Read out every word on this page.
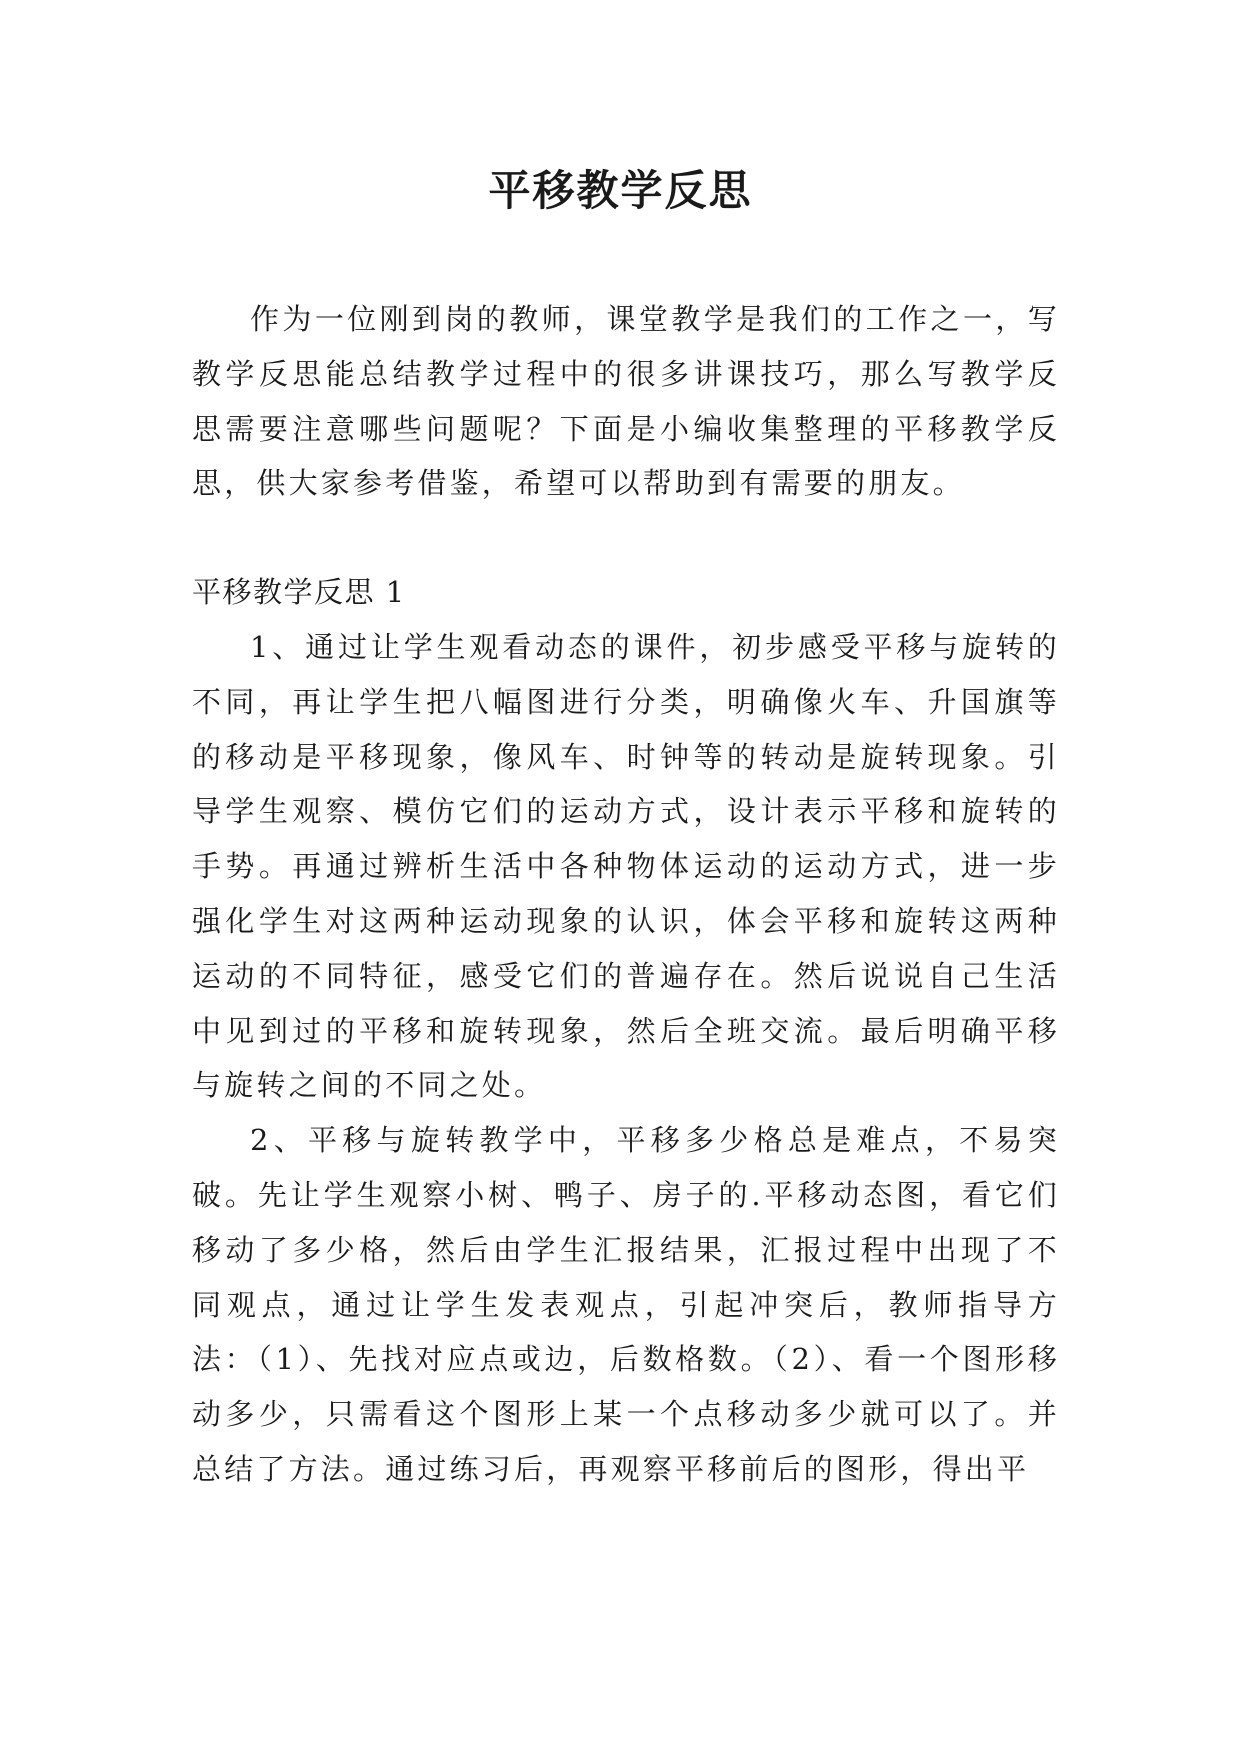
平移教学反思

作为一位刚到岗的教师，课堂教学是我们的工作之一，写教学反思能总结教学过程中的很多讲课技巧，那么写教学反思需要注意哪些问题呢？下面是小编收集整理的平移教学反思，供大家参考借鉴，希望可以帮助到有需要的朋友。

平移教学反思 1

1、通过让学生观看动态的课件，初步感受平移与旋转的不同，再让学生把八幅图进行分类，明确像火车、升国旗等的移动是平移现象，像风车、时钟等的转动是旋转现象。引导学生观察、模仿它们的运动方式，设计表示平移和旋转的手势。再通过辨析生活中各种物体运动的运动方式，进一步强化学生对这两种运动现象的认识，体会平移和旋转这两种运动的不同特征，感受它们的普遍存在。然后说说自己生活中见到过的平移和旋转现象，然后全班交流。最后明确平移与旋转之间的不同之处。

2、平移与旋转教学中，平移多少格总是难点，不易突破。先让学生观察小树、鸭子、房子的.平移动态图，看它们移动了多少格，然后由学生汇报结果，汇报过程中出现了不同观点，通过让学生发表观点，引起冲突后，教师指导方法：（1）、先找对应点或边，后数格数。（2）、看一个图形移动多少，只需看这个图形上某一个点移动多少就可以了。并总结了方法。通过练习后，再观察平移前后的图形，得出平
